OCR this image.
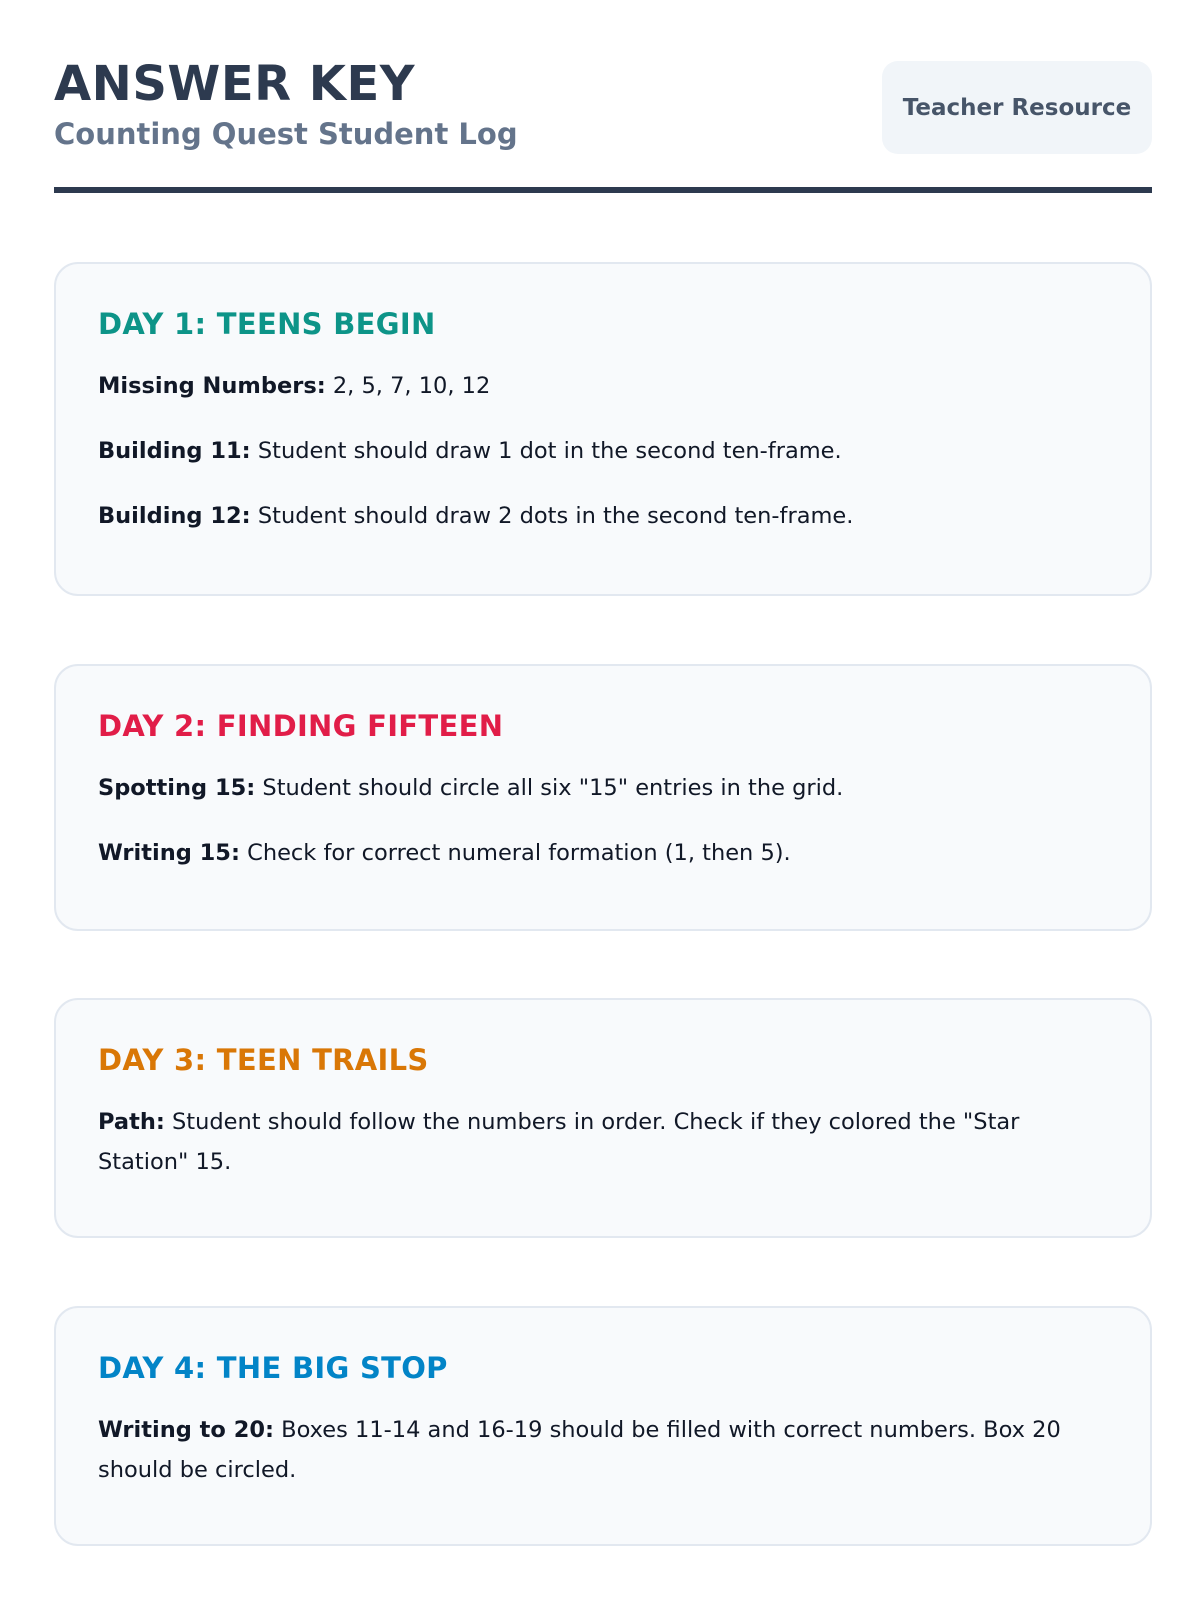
ANSWER KEY
Counting Quest Student Log
Teacher Resource
DAY 1: TEENS BEGIN

Missing Numbers: 2, 5, 7, 10, 12

Building 11: Student should draw 1 dot in the second ten-frame.

Building 12: Student should draw 2 dots in the second ten-frame.

DAY 2: FINDING FIFTEEN

Spotting 15: Student should circle all six "15" entries in the grid.

Writing 15: Check for correct numeral formation (1, then 5).

DAY 3: TEEN TRAILS

Path: Student should follow the numbers in order. Check if they colored the "Star Station" 15.

DAY 4: THE BIG STOP

Writing to 20: Boxes 11-14 and 16-19 should be filled with correct numbers. Box 20 should be circled.
